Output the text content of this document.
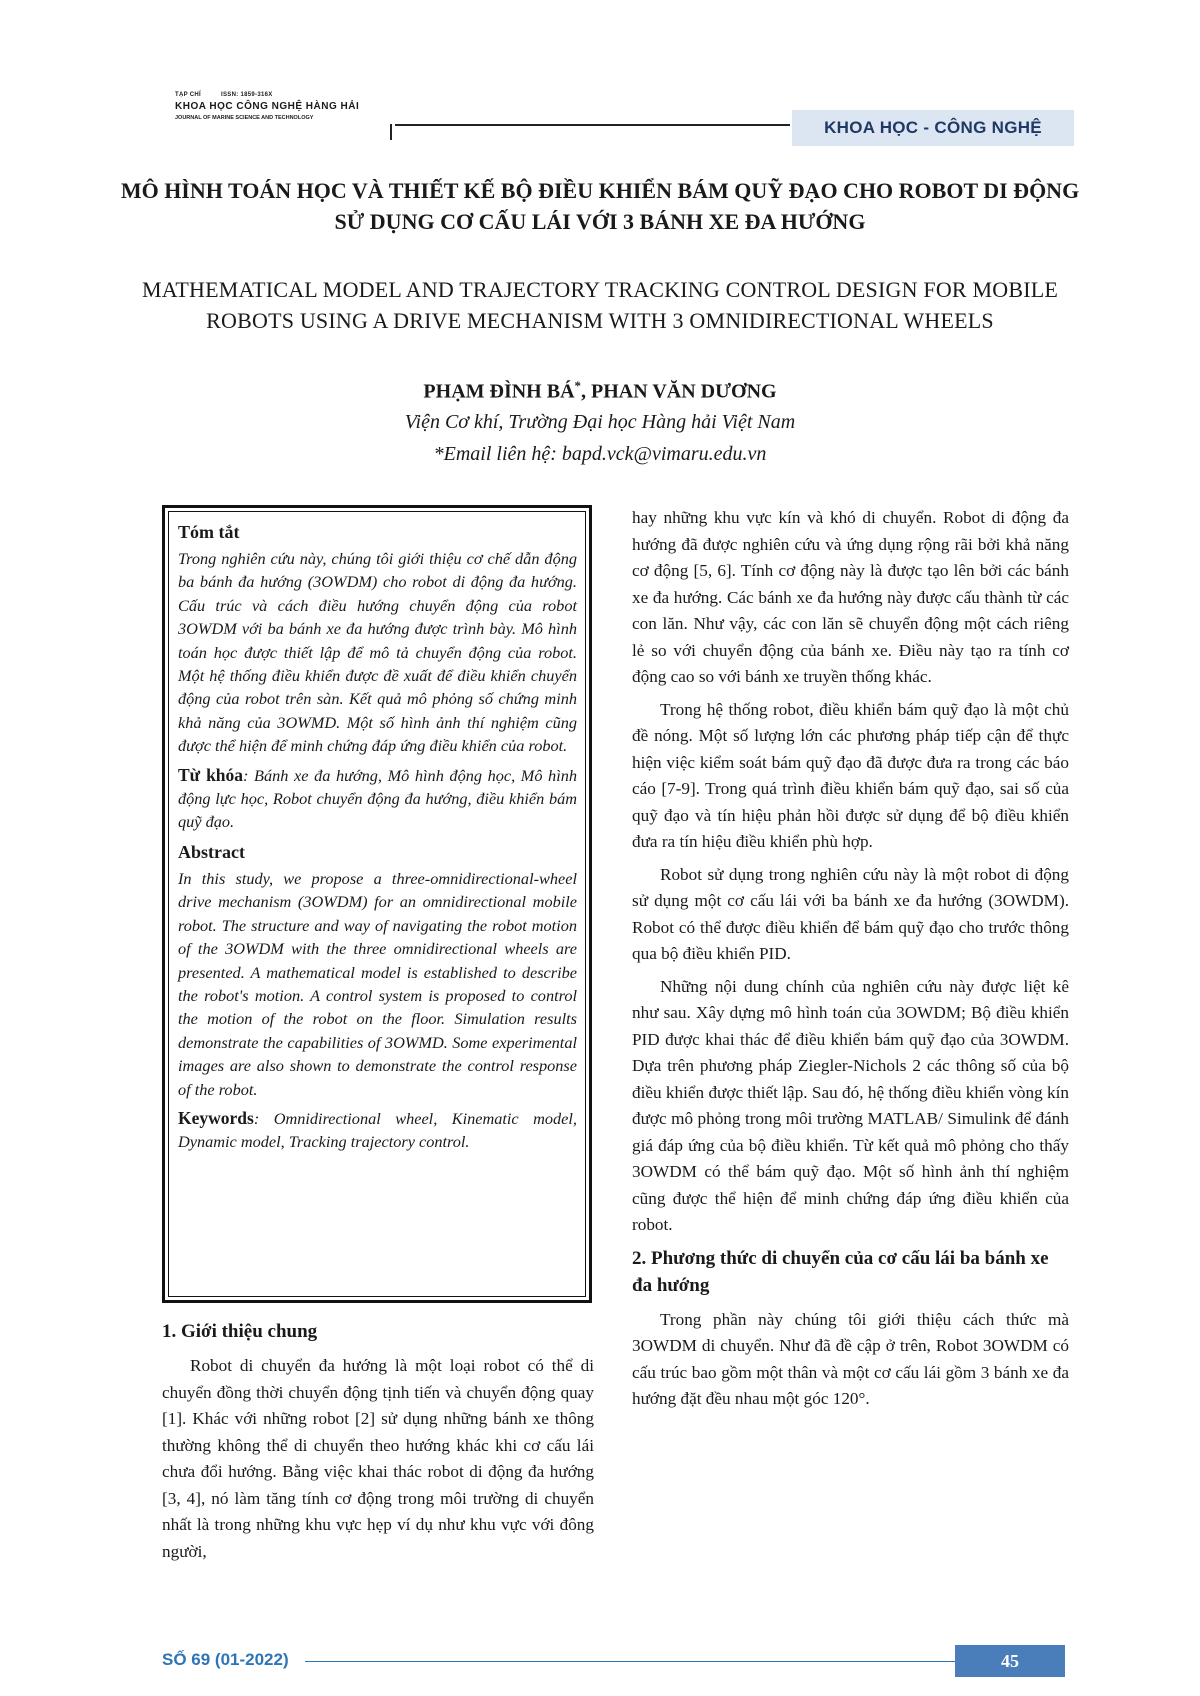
TẠP CHÍ	ISSN: 1859-316X
KHOA HỌC CÔNG NGHỆ HÀNG HẢI
JOURNAL OF MARINE SCIENCE AND TECHNOLOGY	KHOA HỌC - CÔNG NGHỆ
MÔ HÌNH TOÁN HỌC VÀ THIẾT KẾ BỘ ĐIỀU KHIỂN BÁM QUỸ ĐẠO CHO ROBOT DI ĐỘNG SỬ DỤNG CƠ CẤU LÁI VỚI 3 BÁNH XE ĐA HƯỚNG
MATHEMATICAL MODEL AND TRAJECTORY TRACKING CONTROL DESIGN FOR MOBILE ROBOTS USING A DRIVE MECHANISM WITH 3 OMNIDIRECTIONAL WHEELS
PHẠM ĐÌNH BÁ*, PHAN VĂN DƯƠNG
Viện Cơ khí, Trường Đại học Hàng hải Việt Nam
*Email liên hệ: bapd.vck@vimaru.edu.vn
Tóm tắt
Trong nghiên cứu này, chúng tôi giới thiệu cơ chế dẫn động ba bánh đa hướng (3OWDM) cho robot di động đa hướng. Cấu trúc và cách điều hướng chuyển động của robot 3OWDM với ba bánh xe đa hướng được trình bày. Mô hình toán học được thiết lập để mô tả chuyển động của robot. Một hệ thống điều khiển được đề xuất để điều khiển chuyển động của robot trên sàn. Kết quả mô phỏng số chứng minh khả năng của 3OWMD. Một số hình ảnh thí nghiệm cũng được thể hiện để minh chứng đáp ứng điều khiển của robot.
Từ khóa: Bánh xe đa hướng, Mô hình động học, Mô hình động lực học, Robot chuyển động đa hướng, điều khiển bám quỹ đạo.
Abstract
In this study, we propose a three-omnidirectional-wheel drive mechanism (3OWDM) for an omnidirectional mobile robot. The structure and way of navigating the robot motion of the 3OWDM with the three omnidirectional wheels are presented. A mathematical model is established to describe the robot's motion. A control system is proposed to control the motion of the robot on the floor. Simulation results demonstrate the capabilities of 3OWMD. Some experimental images are also shown to demonstrate the control response of the robot.
Keywords: Omnidirectional wheel, Kinematic model, Dynamic model, Tracking trajectory control.
1. Giới thiệu chung
Robot di chuyển đa hướng là một loại robot có thể di chuyển đồng thời chuyển động tịnh tiến và chuyển động quay [1]. Khác với những robot [2] sử dụng những bánh xe thông thường không thể di chuyển theo hướng khác khi cơ cấu lái chưa đổi hướng. Bằng việc khai thác robot di động đa hướng [3, 4], nó làm tăng tính cơ động trong môi trường di chuyển nhất là trong những khu vực hẹp ví dụ như khu vực với đông người,
hay những khu vực kín và khó di chuyển. Robot di động đa hướng đã được nghiên cứu và ứng dụng rộng rãi bởi khả năng cơ động [5, 6]. Tính cơ động này là được tạo lên bởi các bánh xe đa hướng. Các bánh xe đa hướng này được cấu thành từ các con lăn. Như vậy, các con lăn sẽ chuyển động một cách riêng lẻ so với chuyển động của bánh xe. Điều này tạo ra tính cơ động cao so với bánh xe truyền thống khác.
Trong hệ thống robot, điều khiển bám quỹ đạo là một chủ đề nóng. Một số lượng lớn các phương pháp tiếp cận để thực hiện việc kiểm soát bám quỹ đạo đã được đưa ra trong các báo cáo [7-9]. Trong quá trình điều khiển bám quỹ đạo, sai số của quỹ đạo và tín hiệu phản hồi được sử dụng để bộ điều khiển đưa ra tín hiệu điều khiển phù hợp.
Robot sử dụng trong nghiên cứu này là một robot di động sử dụng một cơ cấu lái với ba bánh xe đa hướng (3OWDM). Robot có thể được điều khiển để bám quỹ đạo cho trước thông qua bộ điều khiển PID.
Những nội dung chính của nghiên cứu này được liệt kê như sau. Xây dựng mô hình toán của 3OWDM; Bộ điều khiển PID được khai thác để điều khiển bám quỹ đạo của 3OWDM. Dựa trên phương pháp Ziegler-Nichols 2 các thông số của bộ điều khiển được thiết lập. Sau đó, hệ thống điều khiển vòng kín được mô phỏng trong môi trường MATLAB/ Simulink để đánh giá đáp ứng của bộ điều khiển. Từ kết quả mô phỏng cho thấy 3OWDM có thể bám quỹ đạo. Một số hình ảnh thí nghiệm cũng được thể hiện để minh chứng đáp ứng điều khiển của robot.
2. Phương thức di chuyển của cơ cấu lái ba bánh xe đa hướng
Trong phần này chúng tôi giới thiệu cách thức mà 3OWDM di chuyển. Như đã đề cập ở trên, Robot 3OWDM có cấu trúc bao gồm một thân và một cơ cấu lái gồm 3 bánh xe đa hướng đặt đều nhau một góc 120°.
SỐ 69 (01-2022)	45
